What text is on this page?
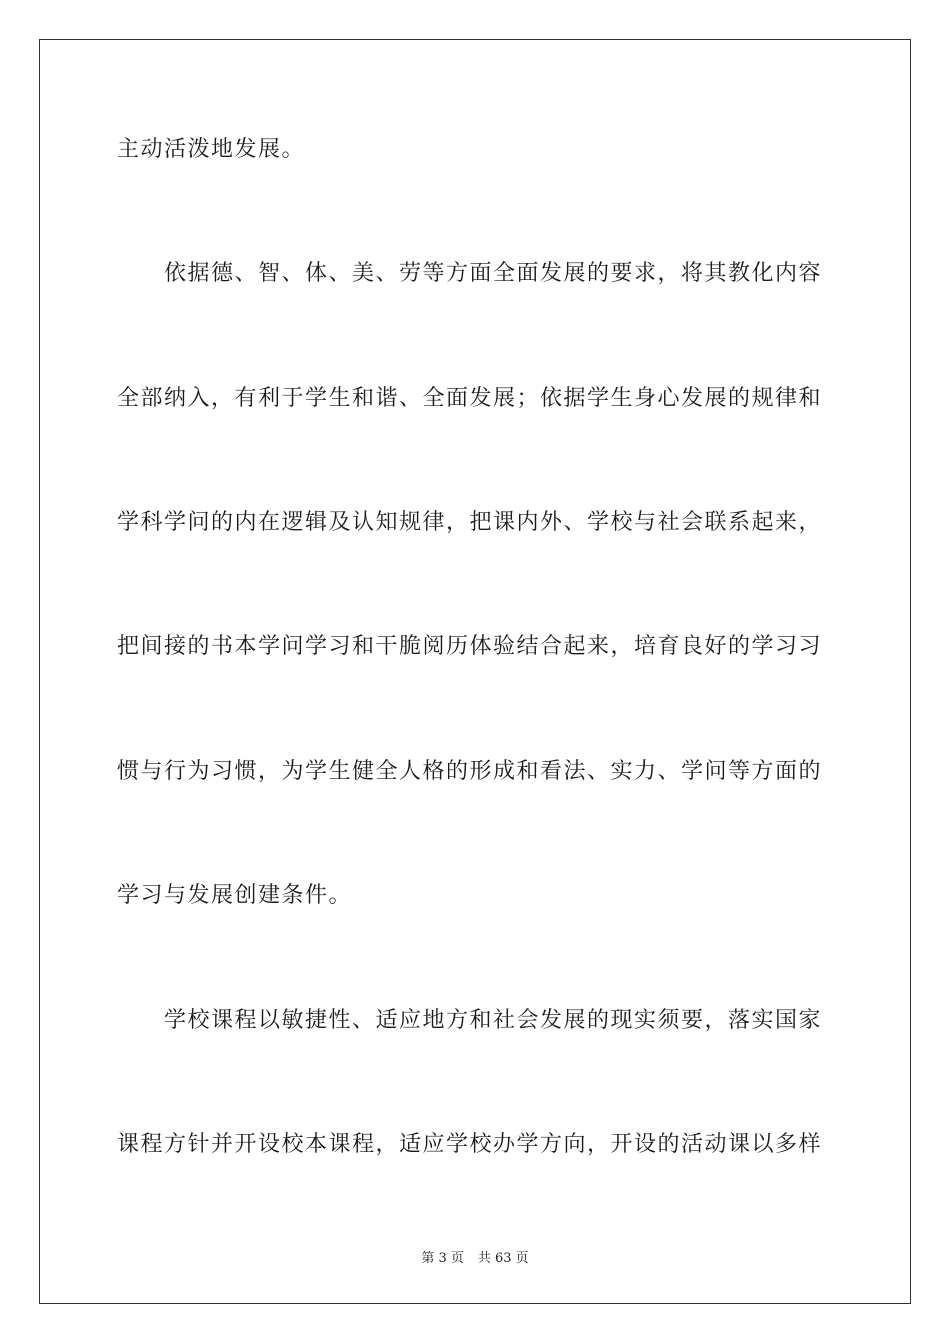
主动活泼地发展。
依据德、智、体、美、劳等方面全面发展的要求，将其教化内容
全部纳入，有利于学生和谐、全面发展；依据学生身心发展的规律和
学科学问的内在逻辑及认知规律，把课内外、学校与社会联系起来，
把间接的书本学问学习和干脆阅历体验结合起来，培育良好的学习习
惯与行为习惯，为学生健全人格的形成和看法、实力、学问等方面的
学习与发展创建条件。
学校课程以敏捷性、适应地方和社会发展的现实须要，落实国家
课程方针并开设校本课程，适应学校办学方向，开设的活动课以多样
第 3 页 共 63 页
